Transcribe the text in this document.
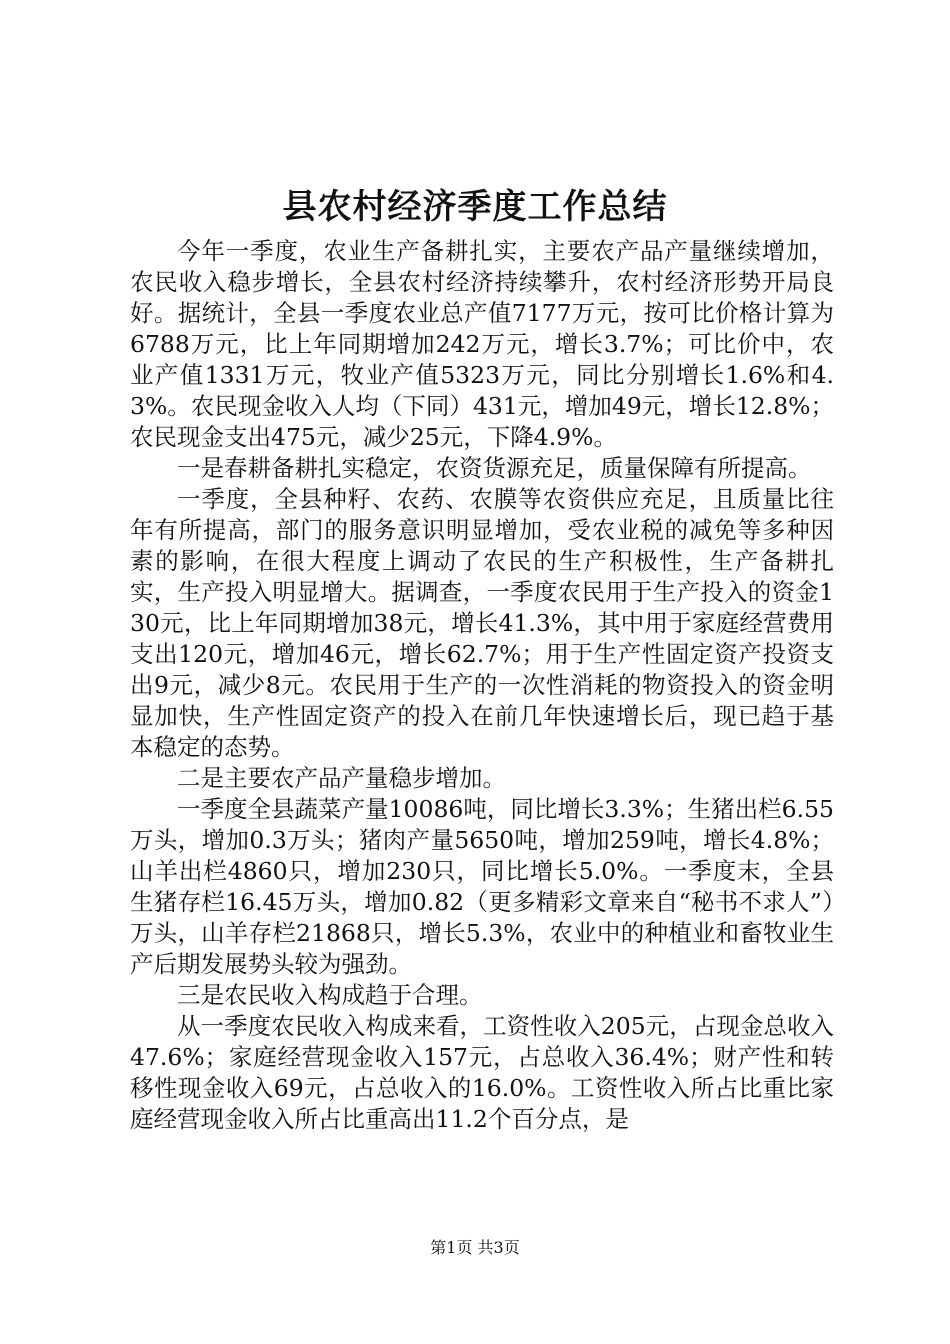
县农村经济季度工作总结

今年一季度，农业生产备耕扎实，主要农产品产量继续增加，农民收入稳步增长，全县农村经济持续攀升，农村经济形势开局良好。据统计，全县一季度农业总产值7177万元，按可比价格计算为6788万元，比上年同期增加242万元，增长3.7%；可比价中，农业产值1331万元，牧业产值5323万元，同比分别增长1.6%和4.3%。农民现金收入人均（下同）431元，增加49元，增长12.8%；农民现金支出475元，减少25元，下降4.9%。

一是春耕备耕扎实稳定，农资货源充足，质量保障有所提高。

一季度，全县种籽、农药、农膜等农资供应充足，且质量比往年有所提高，部门的服务意识明显增加，受农业税的减免等多种因素的影响，在很大程度上调动了农民的生产积极性，生产备耕扎实，生产投入明显增大。据调查，一季度农民用于生产投入的资金130元，比上年同期增加38元，增长41.3%，其中用于家庭经营费用支出120元，增加46元，增长62.7%；用于生产性固定资产投资支出9元，减少8元。农民用于生产的一次性消耗的物资投入的资金明显加快，生产性固定资产的投入在前几年快速增长后，现已趋于基本稳定的态势。

二是主要农产品产量稳步增加。

一季度全县蔬菜产量10086吨，同比增长3.3%；生猪出栏6.55万头，增加0.3万头；猪肉产量5650吨，增加259吨，增长4.8%；山羊出栏4860只，增加230只，同比增长5.0%。一季度末，全县生猪存栏16.45万头，增加0.82（更多精彩文章来自“秘书不求人”）万头，山羊存栏21868只，增长5.3%，农业中的种植业和畜牧业生产后期发展势头较为强劲。

三是农民收入构成趋于合理。

从一季度农民收入构成来看，工资性收入205元，占现金总收入47.6%；家庭经营现金收入157元，占总收入36.4%；财产性和转移性现金收入69元，占总收入的16.0%。工资性收入所占比重比家庭经营现金收入所占比重高出11.2个百分点，是

第1页 共3页
